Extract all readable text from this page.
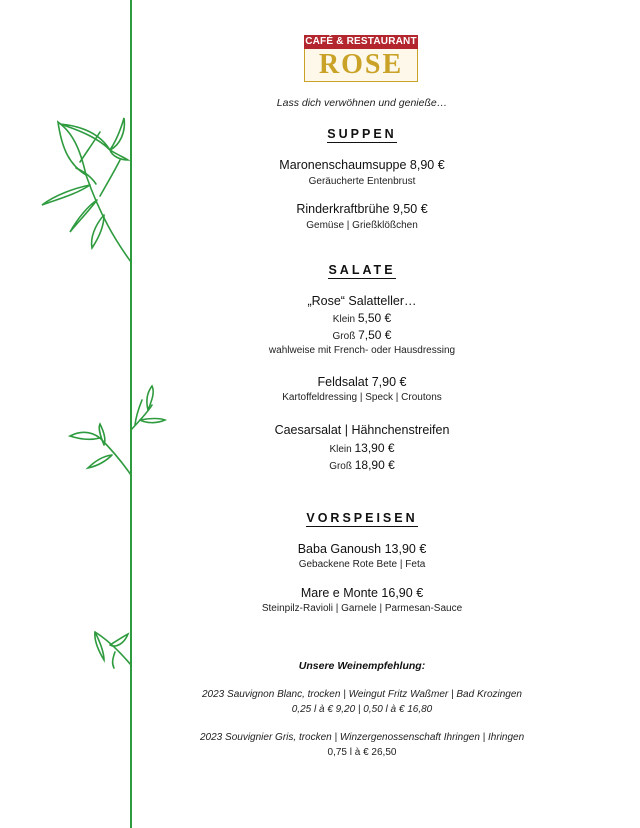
CAFÉ & RESTAURANT
ROSE
Lass dich verwöhnen und genieße…
SUPPEN
Maronenschaumsuppe 8,90 €
Geräucherte Entenbrust
Rinderkraftbrühe 9,50 €
Gemüse | Grießklößchen
SALATE
„Rose“ Salatteller…
Klein 5,50 €
Groß 7,50 €
wahlweise mit French- oder Hausdressing
Feldsalat 7,90 €
Kartoffeldressing | Speck | Croutons
Caesarsalat | Hähnchenstreifen
Klein 13,90 €
Groß 18,90 €
VORSPEISEN
Baba Ganoush 13,90 €
Gebackene Rote Bete | Feta
Mare e Monte 16,90 €
Steinpilz-Ravioli | Garnele | Parmesan-Sauce
Unsere Weinempfehlung:
2023 Sauvignon Blanc, trocken | Weingut Fritz Waßmer | Bad Krozingen
0,25 l à € 9,20 | 0,50 l à € 16,80
2023 Souvignier Gris, trocken | Winzergenossenschaft Ihringen | Ihringen
0,75 l à € 26,50
